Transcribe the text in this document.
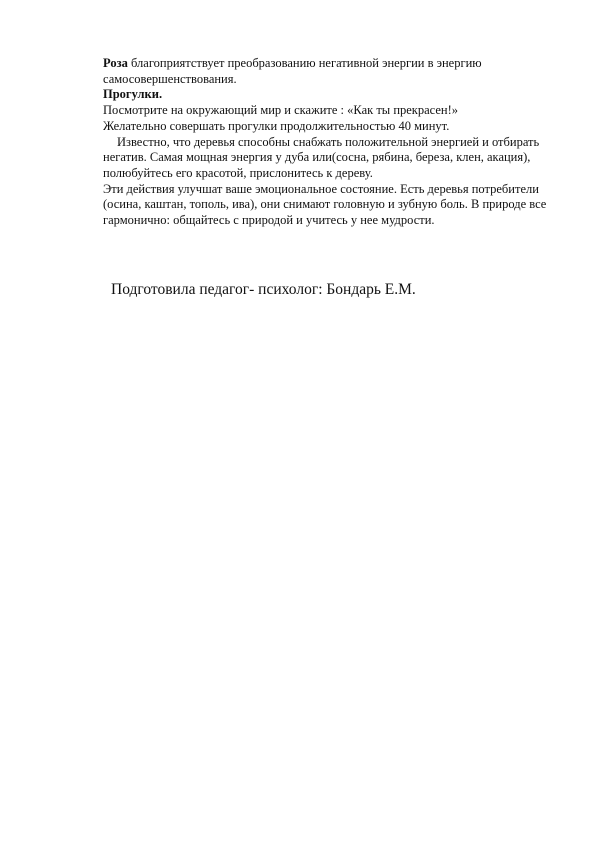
Роза благоприятствует преобразованию негативной энергии в энергию самосовершенствования.

Прогулки.

Посмотрите на окружающий мир и скажите : «Как ты прекрасен!»

Желательно совершать прогулки продолжительностью 40 минут.

Известно, что деревья способны снабжать положительной энергией и отбирать негатив. Самая мощная энергия у дуба или(сосна, рябина, береза, клен, акация), полюбуйтесь его красотой, прислонитесь к дереву.

Эти действия улучшат ваше эмоциональное состояние. Есть деревья потребители (осина, каштан, тополь, ива), они снимают головную и зубную боль. В природе все гармонично: общайтесь с природой и учитесь у нее мудрости.

Подготовила педагог- психолог: Бондарь Е.М.
